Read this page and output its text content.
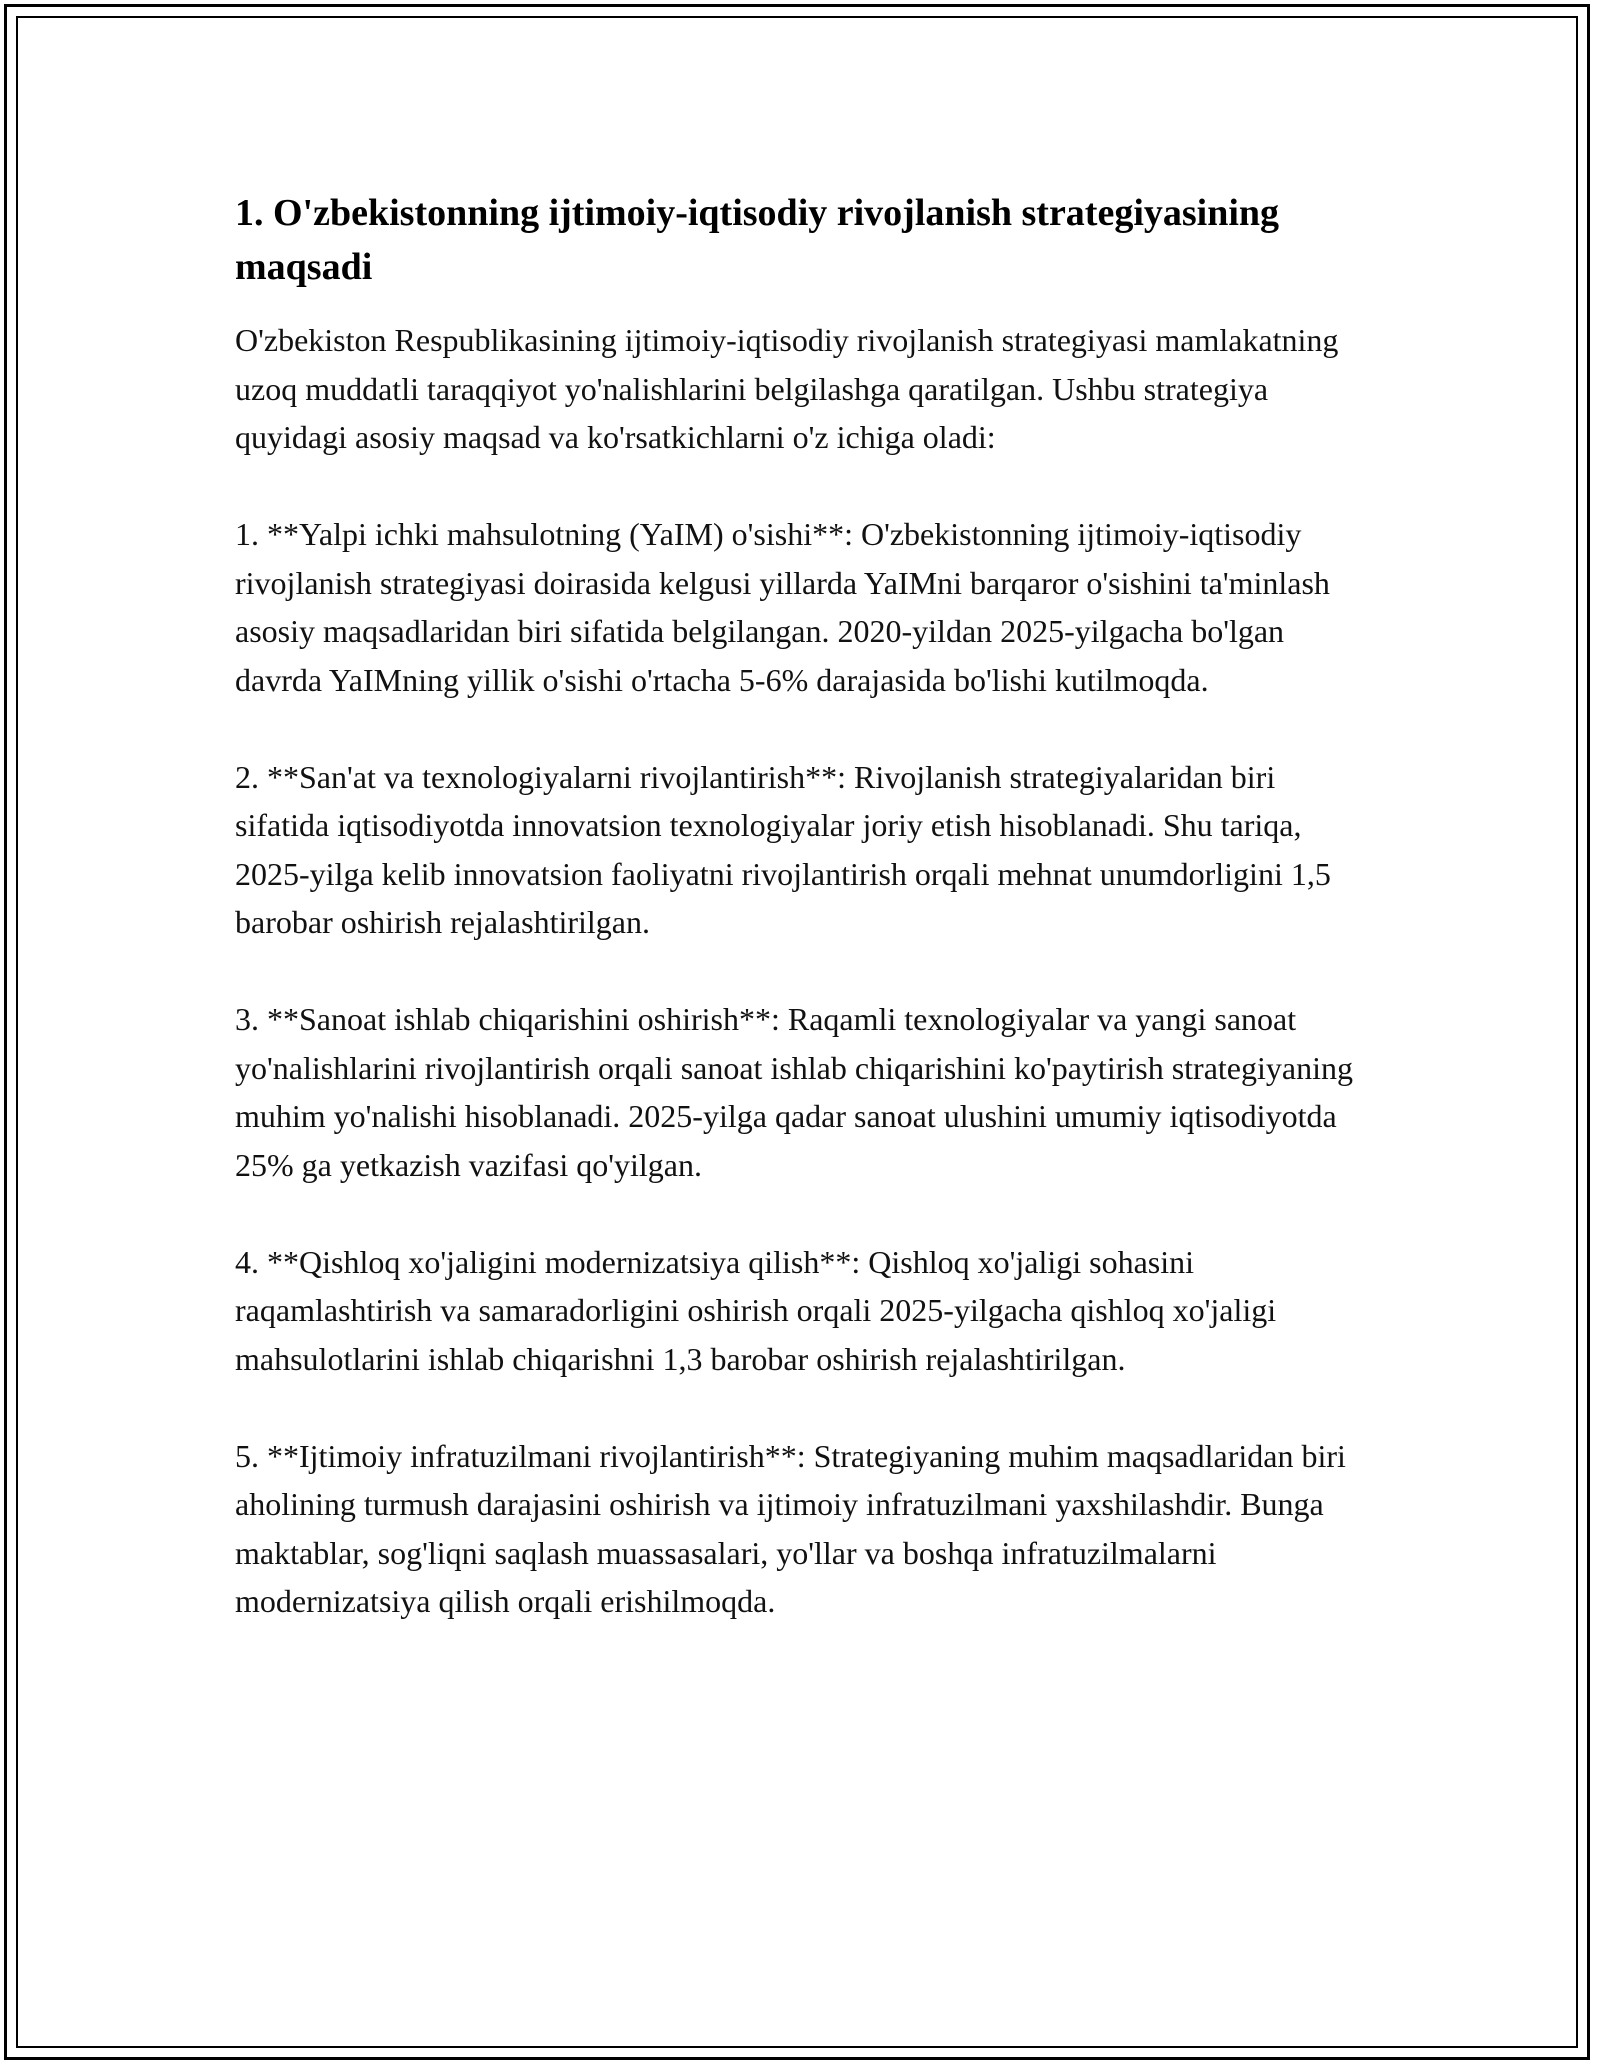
1. O'zbekistonning ijtimoiy-iqtisodiy rivojlanish strategiyasining maqsadi

O'zbekiston Respublikasining ijtimoiy-iqtisodiy rivojlanish strategiyasi mamlakatning uzoq muddatli taraqqiyot yo'nalishlarini belgilashga qaratilgan. Ushbu strategiya quyidagi asosiy maqsad va ko'rsatkichlarni o'z ichiga oladi:

1. **Yalpi ichki mahsulotning (YaIM) o'sishi**: O'zbekistonning ijtimoiy-iqtisodiy rivojlanish strategiyasi doirasida kelgusi yillarda YaIMni barqaror o'sishini ta'minlash asosiy maqsadlaridan biri sifatida belgilangan. 2020-yildan 2025-yilgacha bo'lgan davrda YaIMning yillik o'sishi o'rtacha 5-6% darajasida bo'lishi kutilmoqda.

2. **San'at va texnologiyalarni rivojlantirish**: Rivojlanish strategiyalaridan biri sifatida iqtisodiyotda innovatsion texnologiyalar joriy etish hisoblanadi. Shu tariqa, 2025-yilga kelib innovatsion faoliyatni rivojlantirish orqali mehnat unumdorligini 1,5 barobar oshirish rejalashtirilgan.

3. **Sanoat ishlab chiqarishini oshirish**: Raqamli texnologiyalar va yangi sanoat yo'nalishlarini rivojlantirish orqali sanoat ishlab chiqarishini ko'paytirish strategiyaning muhim yo'nalishi hisoblanadi. 2025-yilga qadar sanoat ulushini umumiy iqtisodiyotda 25% ga yetkazish vazifasi qo'yilgan.

4. **Qishloq xo'jaligini modernizatsiya qilish**: Qishloq xo'jaligi sohasini raqamlashtirish va samaradorligini oshirish orqali 2025-yilgacha qishloq xo'jaligi mahsulotlarini ishlab chiqarishni 1,3 barobar oshirish rejalashtirilgan.

5. **Ijtimoiy infratuzilmani rivojlantirish**: Strategiyaning muhim maqsadlaridan biri aholining turmush darajasini oshirish va ijtimoiy infratuzilmani yaxshilashdir. Bunga maktablar, sog'liqni saqlash muassasalari, yo'llar va boshqa infratuzilmalarni modernizatsiya qilish orqali erishilmoqda.
